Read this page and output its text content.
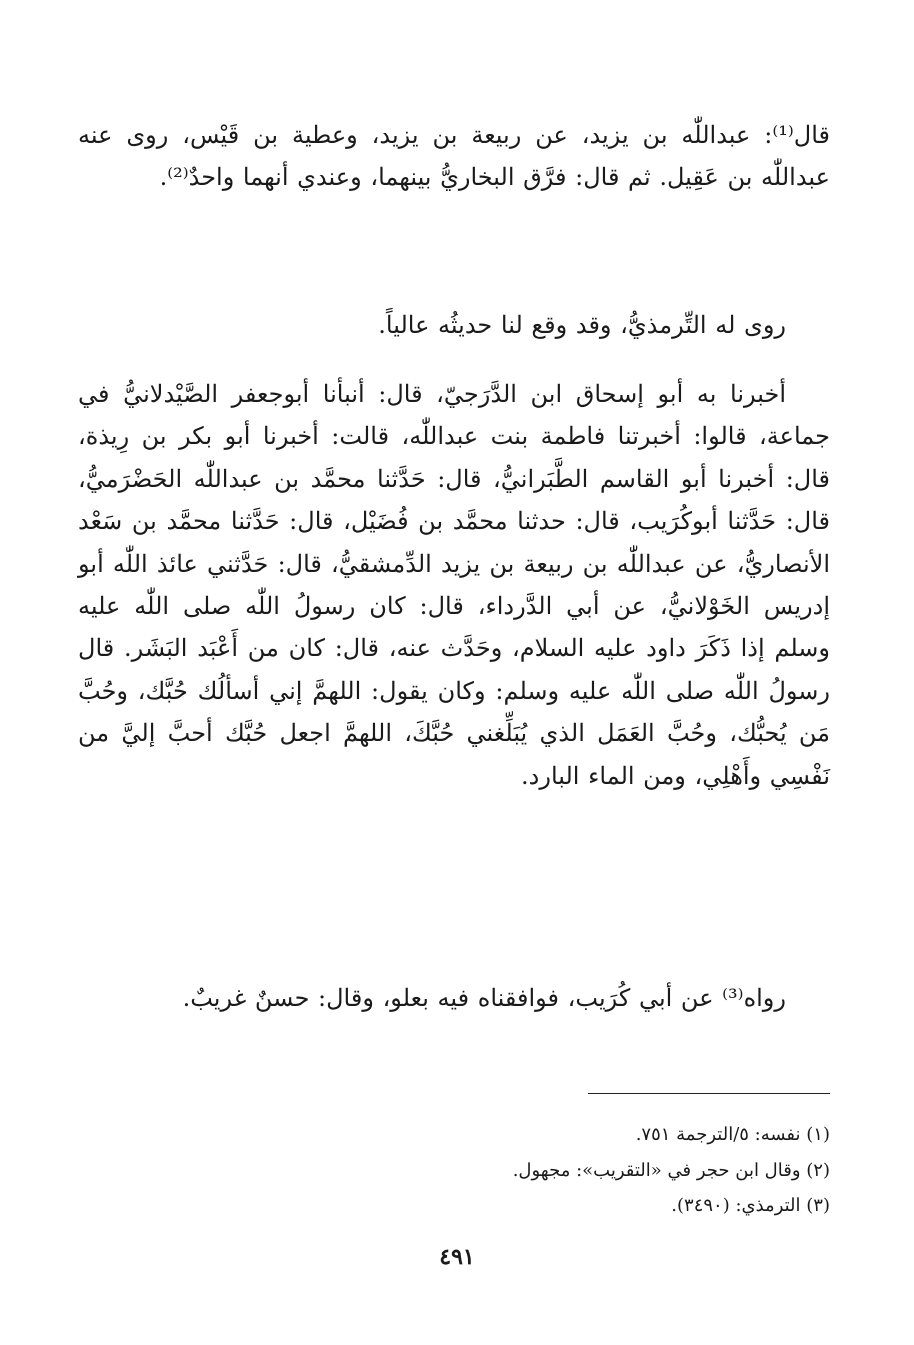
قال⁽¹⁾: عبداللّٰه بن يزيد، عن ربيعة بن يزيد، وعطية بن قَيْس، روى عنه عبداللّٰه بن عَقِيل. ثم قال: فرَّق البخاريُّ بينهما، وعندي أنهما واحدٌ⁽²⁾.

روى له التِّرمذيُّ، وقد وقع لنا حديثُه عالياً.

أخبرنا به أبو إسحاق ابن الدَّرَجيّ، قال: أنبأنا أبوجعفر الصَّيْدلانيُّ في جماعة، قالوا: أخبرتنا فاطمة بنت عبداللّٰه، قالت: أخبرنا أبو بكر بن رِيذة، قال: أخبرنا أبو القاسم الطَّبَرانيُّ، قال: حَدَّثنا محمَّد بن عبداللّٰه الحَضْرَميُّ، قال: حَدَّثنا أبوكُرَيب، قال: حدثنا محمَّد بن فُضَيْل، قال: حَدَّثنا محمَّد بن سَعْد الأنصاريُّ، عن عبداللّٰه بن ربيعة بن يزيد الدِّمشقيُّ، قال: حَدَّثني عائذ اللّٰه أبو إدريس الخَوْلانيُّ، عن أبي الدَّرداء، قال: كان رسولُ اللّٰه صلى اللّٰه عليه وسلم إذا ذَكَرَ داود عليه السلام، وحَدَّث عنه، قال: كان من أَعْبَد البَشَر. قال رسولُ اللّٰه صلى اللّٰه عليه وسلم: وكان يقول: اللهمَّ إني أسألُك حُبَّك، وحُبَّ مَن يُحبُّك، وحُبَّ العَمَل الذي يُبَلِّغني حُبَّكَ، اللهمَّ اجعل حُبَّك أحبَّ إليَّ من نَفْسِي وأَهْلِي، ومن الماء البارد.

رواه⁽³⁾ عن أبي كُرَيب، فوافقناه فيه بعلو، وقال: حسنٌ غريبٌ.

(١) نفسه: ٥/الترجمة ٧٥١.
(٢) وقال ابن حجر في «التقريب»: مجهول.
(٣) الترمذي: (٣٤٩٠).
٤٩١
